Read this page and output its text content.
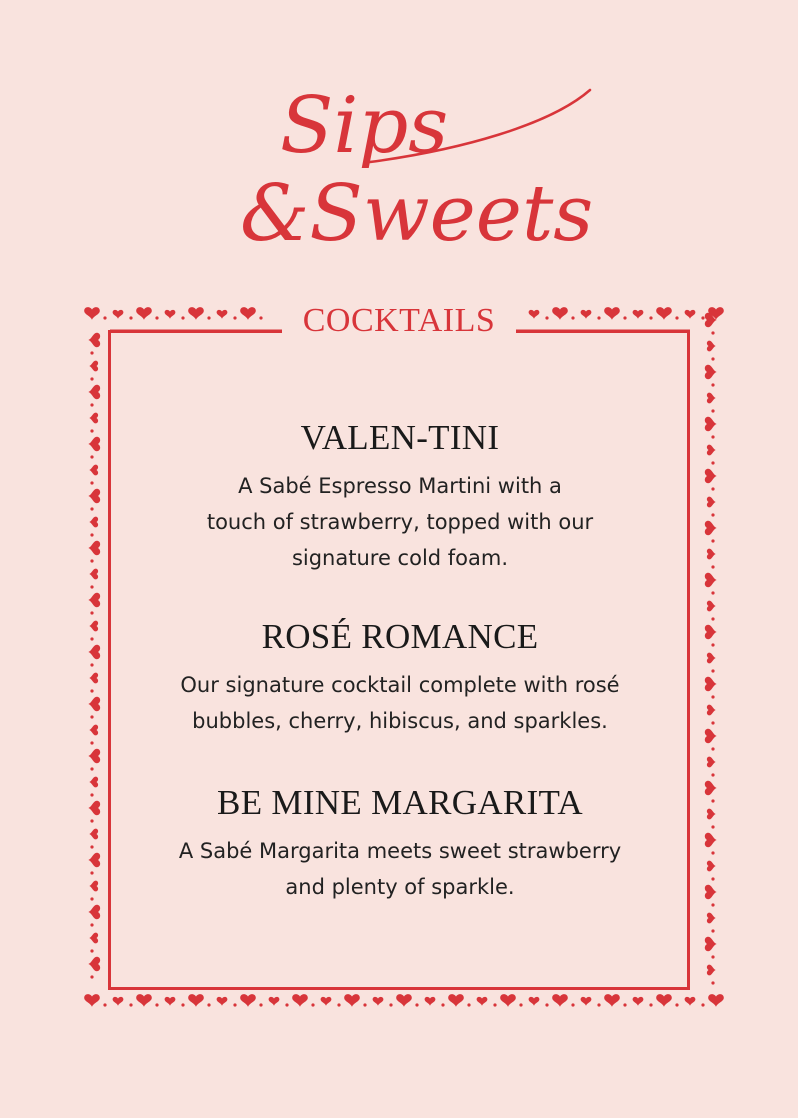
Sips
&Sweets
COCKTAILS
VALEN-TINI
A Sabé Espresso Martini with a
touch of strawberry, topped with our
signature cold foam.
ROSÉ ROMANCE
Our signature cocktail complete with rosé
bubbles, cherry, hibiscus, and sparkles.
BE MINE MARGARITA
A Sabé Margarita meets sweet strawberry
and plenty of sparkle.
